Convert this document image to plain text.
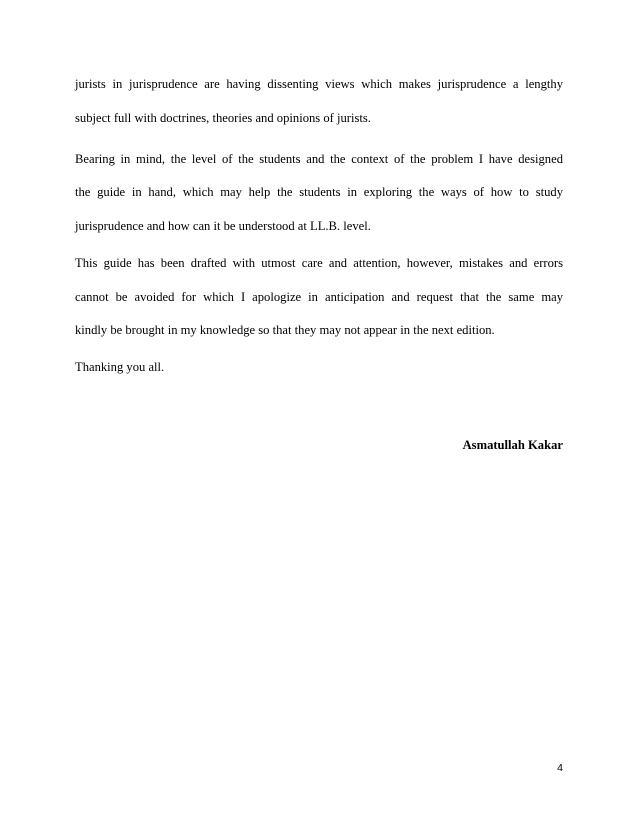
jurists in jurisprudence are having dissenting views which makes jurisprudence a lengthy
subject full with doctrines, theories and opinions of jurists.
Bearing in mind, the level of the students and the context of the problem I have designed
the guide in hand, which may help the students in exploring the ways of how to study
jurisprudence and how can it be understood at LL.B. level.
This guide has been drafted with utmost care and attention, however, mistakes and errors
cannot be avoided for which I apologize in anticipation and request that the same may
kindly be brought in my knowledge so that they may not appear in the next edition.
Thanking you all.
Asmatullah Kakar
4
